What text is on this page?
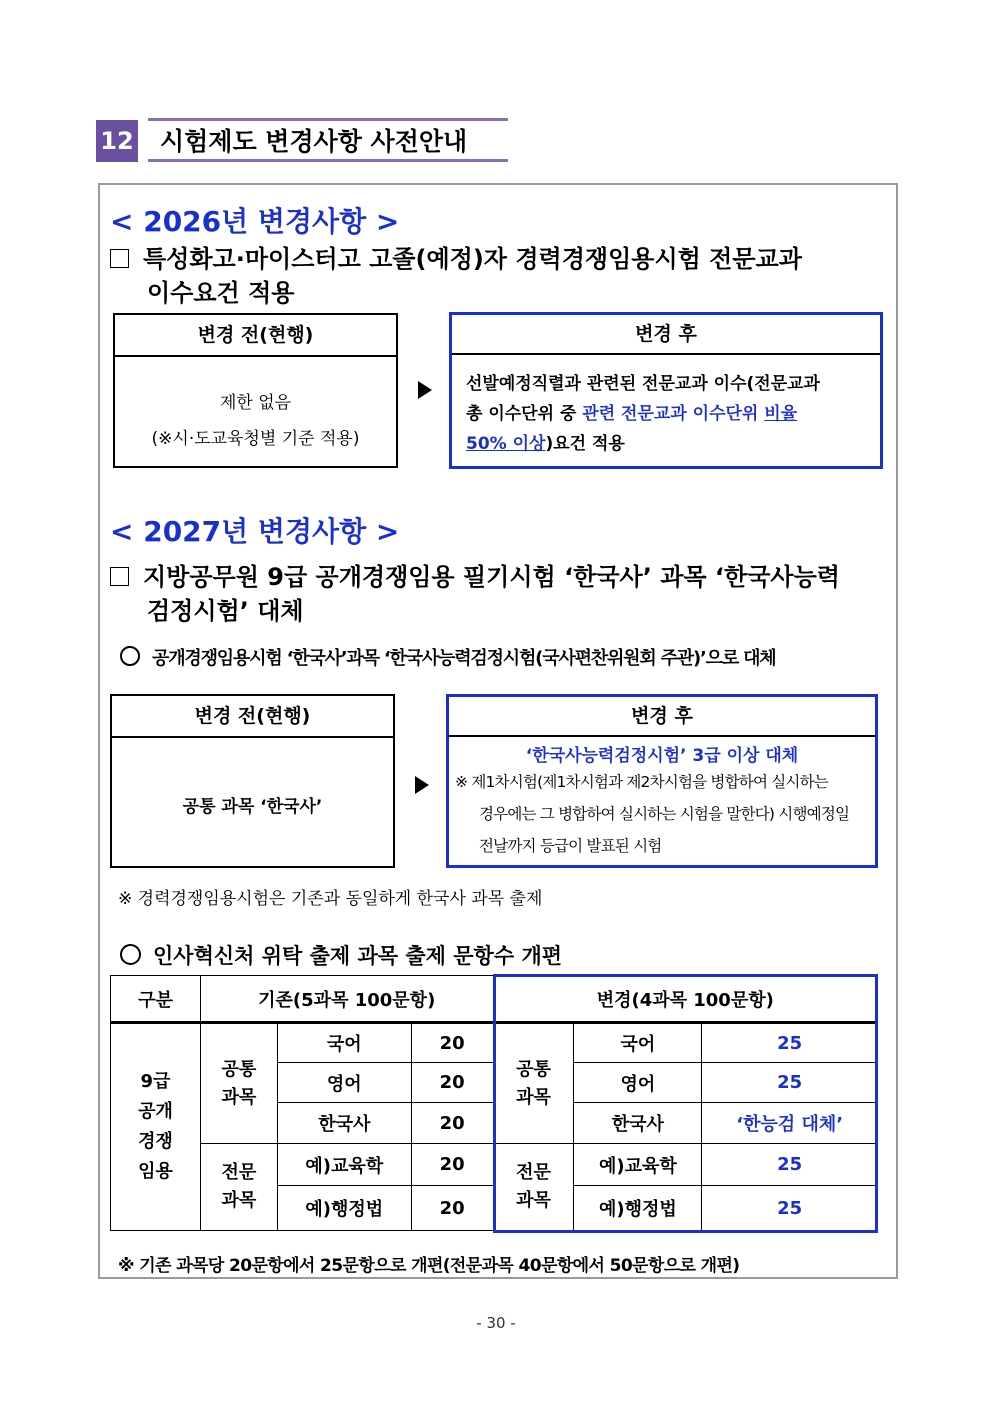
12 시험제도 변경사항 사전안내
< 2026년 변경사항 >
특성화고·마이스터고 고졸(예정)자 경력경쟁임용시험 전문교과
이수요건 적용
변경 전(현행)
제한 없음
(※시·도교육청별 기준 적용)
변경 후
선발예정직렬과 관련된 전문교과 이수(전문교과
총 이수단위 중 관련 전문교과 이수단위 비율
50% 이상)요건 적용
< 2027년 변경사항 >
지방공무원 9급 공개경쟁임용 필기시험 ‘한국사’ 과목 ‘한국사능력
검정시험’ 대체
공개경쟁임용시험 ‘한국사’과목 ‘한국사능력검정시험(국사편찬위원회 주관)’으로 대체
변경 전(현행)
공통 과목 ‘한국사’
변경 후
‘한국사능력검정시험’ 3급 이상 대체
※ 제1차시험(제1차시험과 제2차시험을 병합하여 실시하는
경우에는 그 병합하여 실시하는 시험을 말한다) 시행예정일
전날까지 등급이 발표된 시험
※ 경력경쟁임용시험은 기존과 동일하게 한국사 과목 출제
인사혁신처 위탁 출제 과목 출제 문항수 개편
구분	기존(5과목 100문항)			변경(4과목 100문항)		
9급 공개 경쟁 임용	공통 과목	국어	20	공통 과목	국어	25
		영어	20		영어	25
		한국사	20		한국사	‘한능검 대체’
	전문 과목	예)교육학	20	전문 과목	예)교육학	25
		예)행정법	20		예)행정법	25
※ 기존 과목당 20문항에서 25문항으로 개편(전문과목 40문항에서 50문항으로 개편)
- 30 -
